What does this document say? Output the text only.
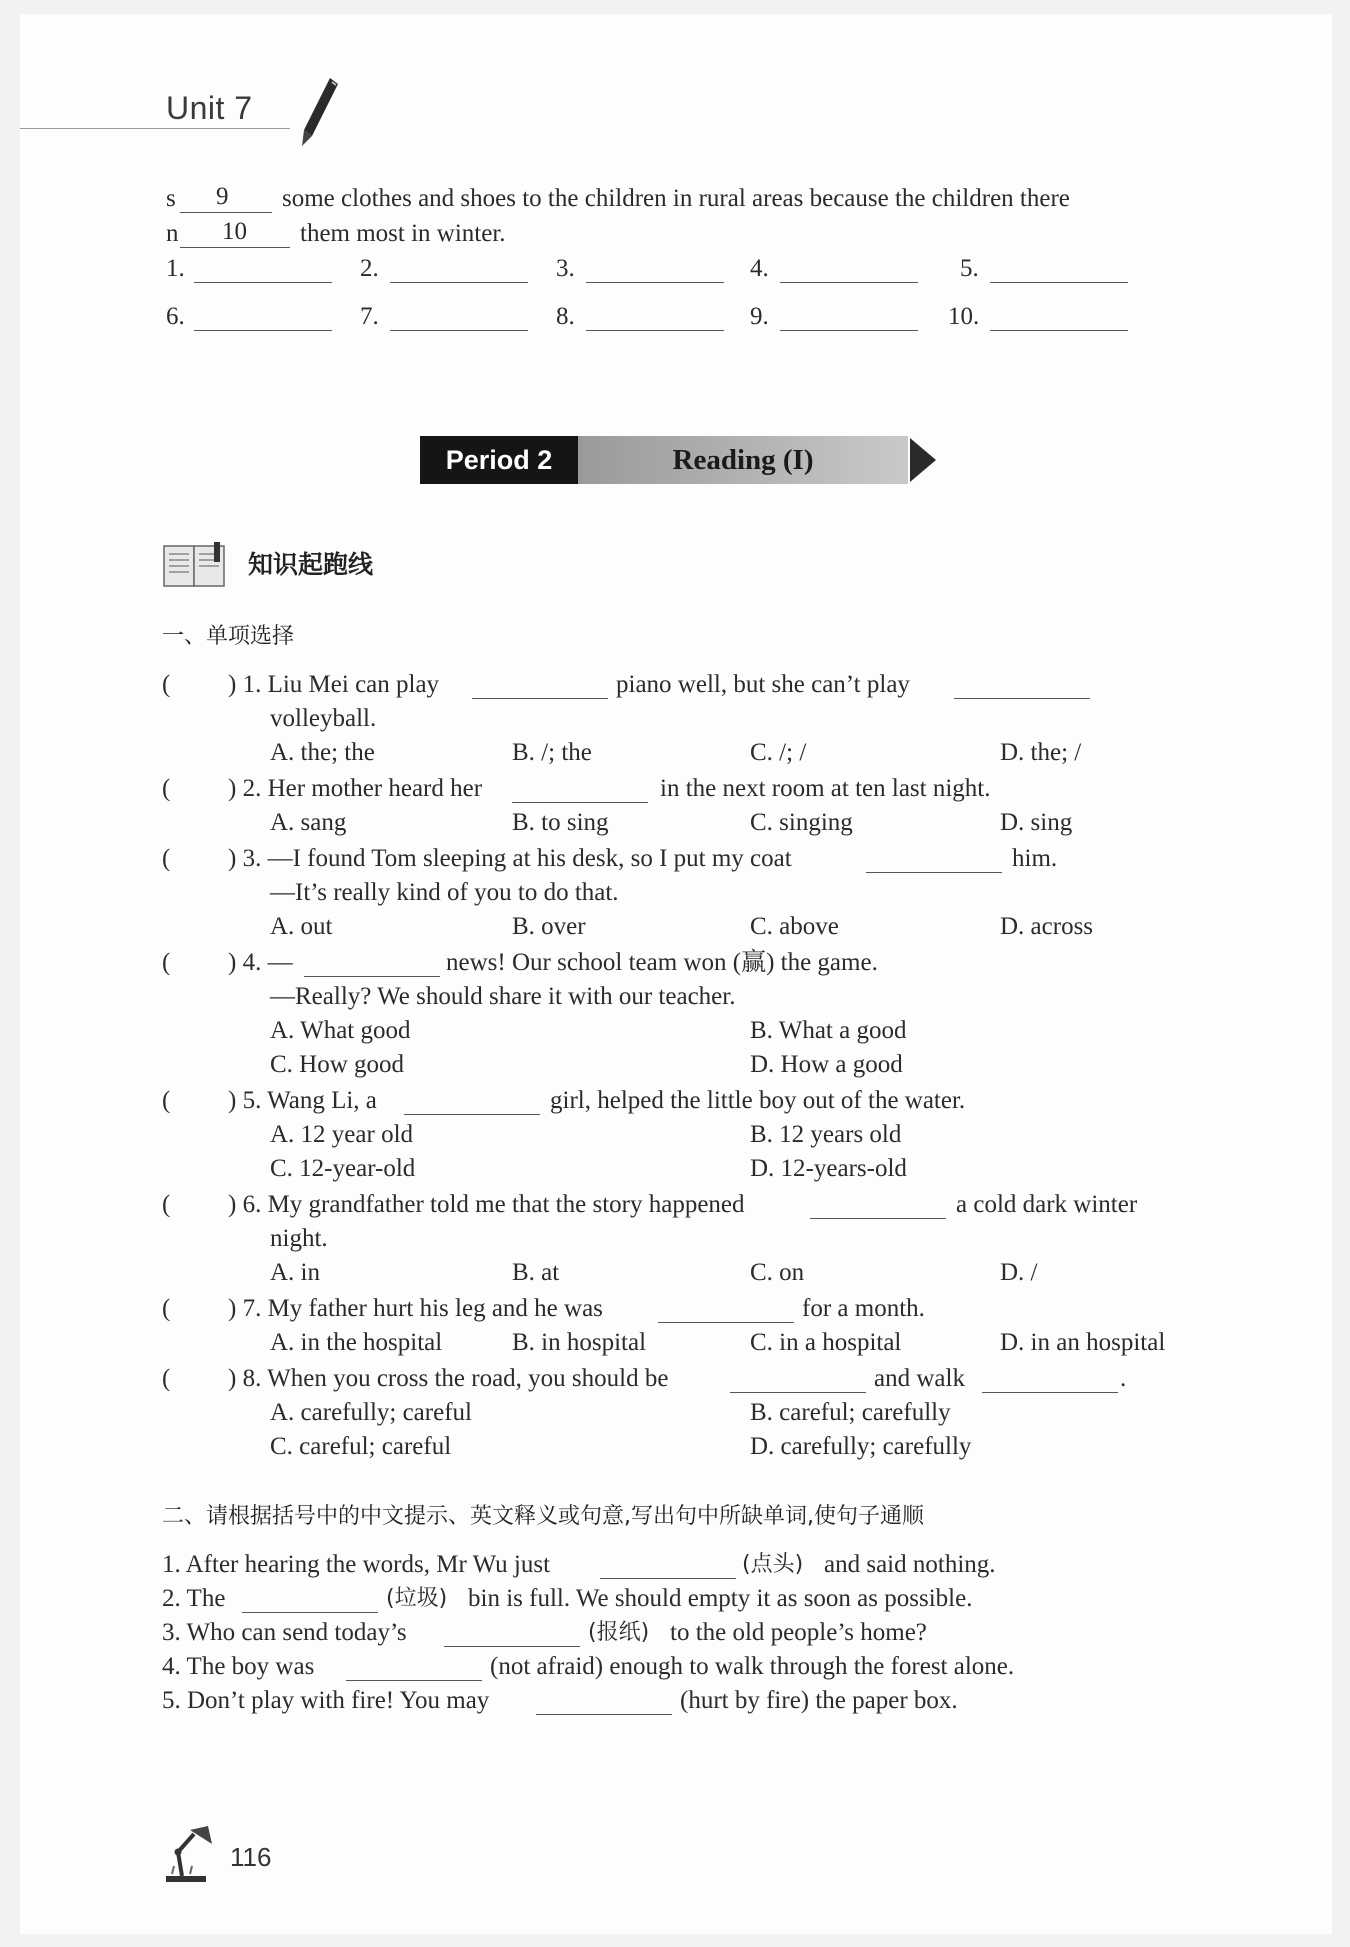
Unit 7
s 9 some clothes and shoes to the children in rural areas because the children there
n 10 them most in winter.
1.	2.	3.	4.	5.
6.	7.	8.	9.	10.
Period 2	Reading (I)
知识起跑线
一、单项选择
( ) 1. Liu Mei can play	piano well, but she can’t play
volleyball.
A. the; the	B. /; the	C. /; /	D. the; /
( ) 2. Her mother heard her	in the next room at ten last night.
A. sang	B. to sing	C. singing	D. sing
( ) 3. —I found Tom sleeping at his desk, so I put my coat	him.
—It’s really kind of you to do that.
A. out	B. over	C. above	D. across
( ) 4. —	news! Our school team won (赢) the game.
—Really? We should share it with our teacher.
A. What good	B. What a good
C. How good	D. How a good
( ) 5. Wang Li, a	girl, helped the little boy out of the water.
A. 12 year old	B. 12 years old
C. 12-year-old	D. 12-years-old
( ) 6. My grandfather told me that the story happened	a cold dark winter
night.
A. in	B. at	C. on	D. /
( ) 7. My father hurt his leg and he was	for a month.
A. in the hospital	B. in hospital	C. in a hospital	D. in an hospital
( ) 8. When you cross the road, you should be	and walk	.
A. carefully; careful	B. careful; carefully
C. careful; careful	D. carefully; carefully
二、请根据括号中的中文提示、英文释义或句意,写出句中所缺单词,使句子通顺
1. After hearing the words, Mr Wu just	(点头) and said nothing.
2. The	(垃圾) bin is full. We should empty it as soon as possible.
3. Who can send today’s	(报纸) to the old people’s home?
4. The boy was	(not afraid) enough to walk through the forest alone.
5. Don’t play with fire! You may	(hurt by fire) the paper box.
116
